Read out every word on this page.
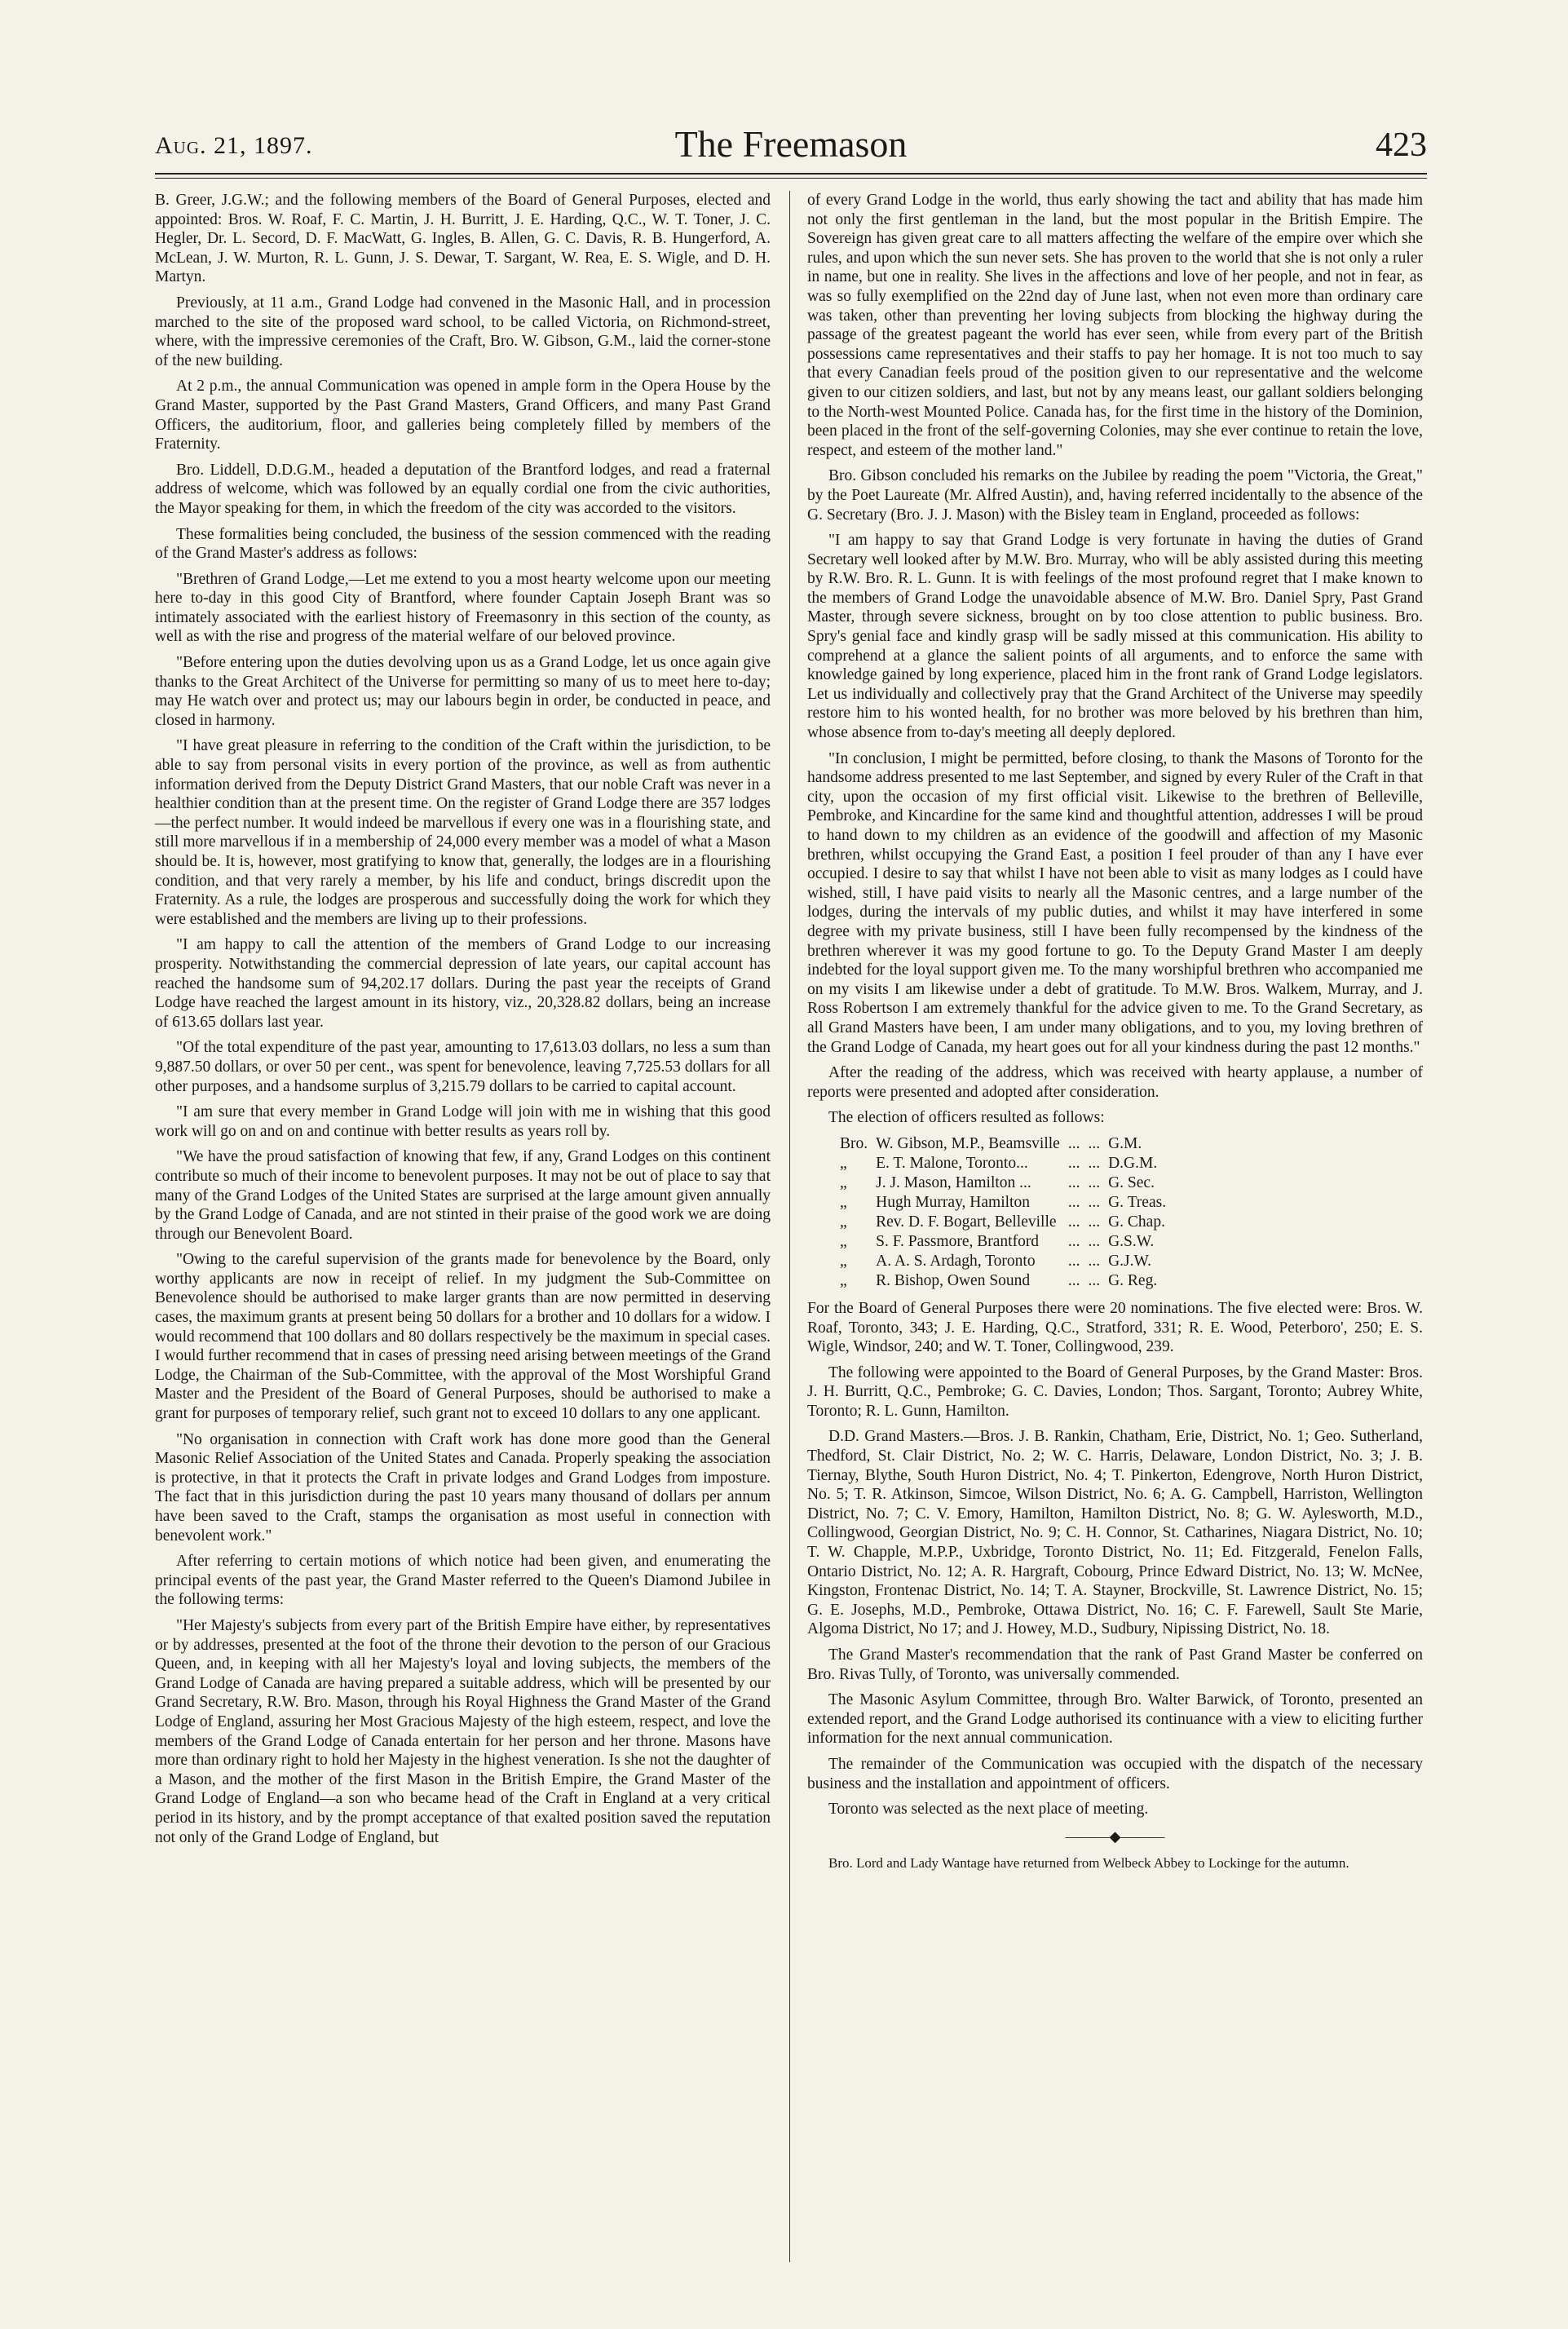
Aug. 21, 1897.	The Freemason	423

B. Greer, J.G.W.; and the following members of the Board of General Purposes, elected and appointed: Bros. W. Roaf, F. C. Martin, J. H. Burritt, J. E. Harding, Q.C., W. T. Toner, J. C. Hegler, Dr. L. Secord, D. F. MacWatt, G. Ingles, B. Allen, G. C. Davis, R. B. Hungerford, A. McLean, J. W. Murton, R. L. Gunn, J. S. Dewar, T. Sargant, W. Rea, E. S. Wigle, and D. H. Martyn.

Previously, at 11 a.m., Grand Lodge had convened in the Masonic Hall, and in procession marched to the site of the proposed ward school, to be called Victoria, on Richmond-street, where, with the impressive ceremonies of the Craft, Bro. W. Gibson, G.M., laid the corner-stone of the new building.

At 2 p.m., the annual Communication was opened in ample form in the Opera House by the Grand Master, supported by the Past Grand Masters, Grand Officers, and many Past Grand Officers, the auditorium, floor, and galleries being completely filled by members of the Fraternity.

Bro. Liddell, D.D.G.M., headed a deputation of the Brantford lodges, and read a fraternal address of welcome, which was followed by an equally cordial one from the civic authorities, the Mayor speaking for them, in which the freedom of the city was accorded to the visitors.

These formalities being concluded, the business of the session commenced with the reading of the Grand Master's address as follows:

"Brethren of Grand Lodge,—Let me extend to you a most hearty welcome upon our meeting here to-day in this good City of Brantford, where founder Captain Joseph Brant was so intimately associated with the earliest history of Freemasonry in this section of the county, as well as with the rise and progress of the material welfare of our beloved province.

"Before entering upon the duties devolving upon us as a Grand Lodge, let us once again give thanks to the Great Architect of the Universe for permitting so many of us to meet here to-day; may He watch over and protect us; may our labours begin in order, be conducted in peace, and closed in harmony.

"I have great pleasure in referring to the condition of the Craft within the jurisdiction, to be able to say from personal visits in every portion of the province, as well as from authentic information derived from the Deputy District Grand Masters, that our noble Craft was never in a healthier condition than at the present time. On the register of Grand Lodge there are 357 lodges—the perfect number. It would indeed be marvellous if every one was in a flourishing state, and still more marvellous if in a membership of 24,000 every member was a model of what a Mason should be. It is, however, most gratifying to know that, generally, the lodges are in a flourishing condition, and that very rarely a member, by his life and conduct, brings discredit upon the Fraternity. As a rule, the lodges are prosperous and successfully doing the work for which they were established and the members are living up to their professions.

"I am happy to call the attention of the members of Grand Lodge to our increasing prosperity. Notwithstanding the commercial depression of late years, our capital account has reached the handsome sum of 94,202.17 dollars. During the past year the receipts of Grand Lodge have reached the largest amount in its history, viz., 20,328.82 dollars, being an increase of 613.65 dollars last year.

"Of the total expenditure of the past year, amounting to 17,613.03 dollars, no less a sum than 9,887.50 dollars, or over 50 per cent., was spent for benevolence, leaving 7,725.53 dollars for all other purposes, and a handsome surplus of 3,215.79 dollars to be carried to capital account.

"I am sure that every member in Grand Lodge will join with me in wishing that this good work will go on and on and continue with better results as years roll by.

"We have the proud satisfaction of knowing that few, if any, Grand Lodges on this continent contribute so much of their income to benevolent purposes. It may not be out of place to say that many of the Grand Lodges of the United States are surprised at the large amount given annually by the Grand Lodge of Canada, and are not stinted in their praise of the good work we are doing through our Benevolent Board.

"Owing to the careful supervision of the grants made for benevolence by the Board, only worthy applicants are now in receipt of relief. In my judgment the Sub-Committee on Benevolence should be authorised to make larger grants than are now permitted in deserving cases, the maximum grants at present being 50 dollars for a brother and 10 dollars for a widow. I would recommend that 100 dollars and 80 dollars respectively be the maximum in special cases. I would further recommend that in cases of pressing need arising between meetings of the Grand Lodge, the Chairman of the Sub-Committee, with the approval of the Most Worshipful Grand Master and the President of the Board of General Purposes, should be authorised to make a grant for purposes of temporary relief, such grant not to exceed 10 dollars to any one applicant.

"No organisation in connection with Craft work has done more good than the General Masonic Relief Association of the United States and Canada. Properly speaking the association is protective, in that it protects the Craft in private lodges and Grand Lodges from imposture. The fact that in this jurisdiction during the past 10 years many thousand of dollars per annum have been saved to the Craft, stamps the organisation as most useful in connection with benevolent work."

After referring to certain motions of which notice had been given, and enumerating the principal events of the past year, the Grand Master referred to the Queen's Diamond Jubilee in the following terms:

"Her Majesty's subjects from every part of the British Empire have either, by representatives or by addresses, presented at the foot of the throne their devotion to the person of our Gracious Queen, and, in keeping with all her Majesty's loyal and loving subjects, the members of the Grand Lodge of Canada are having prepared a suitable address, which will be presented by our Grand Secretary, R.W. Bro. Mason, through his Royal Highness the Grand Master of the Grand Lodge of England, assuring her Most Gracious Majesty of the high esteem, respect, and love the members of the Grand Lodge of Canada entertain for her person and her throne. Masons have more than ordinary right to hold her Majesty in the highest veneration. Is she not the daughter of a Mason, and the mother of the first Mason in the British Empire, the Grand Master of the Grand Lodge of England—a son who became head of the Craft in England at a very critical period in its history, and by the prompt acceptance of that exalted position saved the reputation not only of the Grand Lodge of England, but

of every Grand Lodge in the world, thus early showing the tact and ability that has made him not only the first gentleman in the land, but the most popular in the British Empire. The Sovereign has given great care to all matters affecting the welfare of the empire over which she rules, and upon which the sun never sets. She has proven to the world that she is not only a ruler in name, but one in reality. She lives in the affections and love of her people, and not in fear, as was so fully exemplified on the 22nd day of June last, when not even more than ordinary care was taken, other than preventing her loving subjects from blocking the highway during the passage of the greatest pageant the world has ever seen, while from every part of the British possessions came representatives and their staffs to pay her homage. It is not too much to say that every Canadian feels proud of the position given to our representative and the welcome given to our citizen soldiers, and last, but not by any means least, our gallant soldiers belonging to the North-west Mounted Police. Canada has, for the first time in the history of the Dominion, been placed in the front of the self-governing Colonies, may she ever continue to retain the love, respect, and esteem of the mother land."

Bro. Gibson concluded his remarks on the Jubilee by reading the poem "Victoria, the Great," by the Poet Laureate (Mr. Alfred Austin), and, having referred incidentally to the absence of the G. Secretary (Bro. J. J. Mason) with the Bisley team in England, proceeded as follows:

"I am happy to say that Grand Lodge is very fortunate in having the duties of Grand Secretary well looked after by M.W. Bro. Murray, who will be ably assisted during this meeting by R.W. Bro. R. L. Gunn. It is with feelings of the most profound regret that I make known to the members of Grand Lodge the unavoidable absence of M.W. Bro. Daniel Spry, Past Grand Master, through severe sickness, brought on by too close attention to public business. Bro. Spry's genial face and kindly grasp will be sadly missed at this communication. His ability to comprehend at a glance the salient points of all arguments, and to enforce the same with knowledge gained by long experience, placed him in the front rank of Grand Lodge legislators. Let us individually and collectively pray that the Grand Architect of the Universe may speedily restore him to his wonted health, for no brother was more beloved by his brethren than him, whose absence from to-day's meeting all deeply deplored.

"In conclusion, I might be permitted, before closing, to thank the Masons of Toronto for the handsome address presented to me last September, and signed by every Ruler of the Craft in that city, upon the occasion of my first official visit. Likewise to the brethren of Belleville, Pembroke, and Kincardine for the same kind and thoughtful attention, addresses I will be proud to hand down to my children as an evidence of the goodwill and affection of my Masonic brethren, whilst occupying the Grand East, a position I feel prouder of than any I have ever occupied. I desire to say that whilst I have not been able to visit as many lodges as I could have wished, still, I have paid visits to nearly all the Masonic centres, and a large number of the lodges, during the intervals of my public duties, and whilst it may have interfered in some degree with my private business, still I have been fully recompensed by the kindness of the brethren wherever it was my good fortune to go. To the Deputy Grand Master I am deeply indebted for the loyal support given me. To the many worshipful brethren who accompanied me on my visits I am likewise under a debt of gratitude. To M.W. Bros. Walkem, Murray, and J. Ross Robertson I am extremely thankful for the advice given to me. To the Grand Secretary, as all Grand Masters have been, I am under many obligations, and to you, my loving brethren of the Grand Lodge of Canada, my heart goes out for all your kindness during the past 12 months."

After the reading of the address, which was received with hearty applause, a number of reports were presented and adopted after consideration.

The election of officers resulted as follows:

Bro.	W. Gibson, M.P., Beamsville	...	...	G.M.
„	E. T. Malone, Toronto...	...	...	D.G.M.
„	J. J. Mason, Hamilton ...	...	...	G. Sec.
„	Hugh Murray, Hamilton	...	...	G. Treas.
„	Rev. D. F. Bogart, Belleville	...	...	G. Chap.
„	S. F. Passmore, Brantford	...	...	G.S.W.
„	A. A. S. Ardagh, Toronto	...	...	G.J.W.
„	R. Bishop, Owen Sound	...	...	G. Reg.

For the Board of General Purposes there were 20 nominations. The five elected were: Bros. W. Roaf, Toronto, 343; J. E. Harding, Q.C., Stratford, 331; R. E. Wood, Peterboro', 250; E. S. Wigle, Windsor, 240; and W. T. Toner, Collingwood, 239.

The following were appointed to the Board of General Purposes, by the Grand Master: Bros. J. H. Burritt, Q.C., Pembroke; G. C. Davies, London; Thos. Sargant, Toronto; Aubrey White, Toronto; R. L. Gunn, Hamilton.

D.D. Grand Masters.—Bros. J. B. Rankin, Chatham, Erie, District, No. 1; Geo. Sutherland, Thedford, St. Clair District, No. 2; W. C. Harris, Delaware, London District, No. 3; J. B. Tiernay, Blythe, South Huron District, No. 4; T. Pinkerton, Edengrove, North Huron District, No. 5; T. R. Atkinson, Simcoe, Wilson District, No. 6; A. G. Campbell, Harriston, Wellington District, No. 7; C. V. Emory, Hamilton, Hamilton District, No. 8; G. W. Aylesworth, M.D., Collingwood, Georgian District, No. 9; C. H. Connor, St. Catharines, Niagara District, No. 10; T. W. Chapple, M.P.P., Uxbridge, Toronto District, No. 11; Ed. Fitzgerald, Fenelon Falls, Ontario District, No. 12; A. R. Hargraft, Cobourg, Prince Edward District, No. 13; W. McNee, Kingston, Frontenac District, No. 14; T. A. Stayner, Brockville, St. Lawrence District, No. 15; G. E. Josephs, M.D., Pembroke, Ottawa District, No. 16; C. F. Farewell, Sault Ste Marie, Algoma District, No 17; and J. Howey, M.D., Sudbury, Nipissing District, No. 18.

The Grand Master's recommendation that the rank of Past Grand Master be conferred on Bro. Rivas Tully, of Toronto, was universally commended.

The Masonic Asylum Committee, through Bro. Walter Barwick, of Toronto, presented an extended report, and the Grand Lodge authorised its continuance with a view to eliciting further information for the next annual communication.

The remainder of the Communication was occupied with the dispatch of the necessary business and the installation and appointment of officers.

Toronto was selected as the next place of meeting.

———◆———

Bro. Lord and Lady Wantage have returned from Welbeck Abbey to Lockinge for the autumn.
